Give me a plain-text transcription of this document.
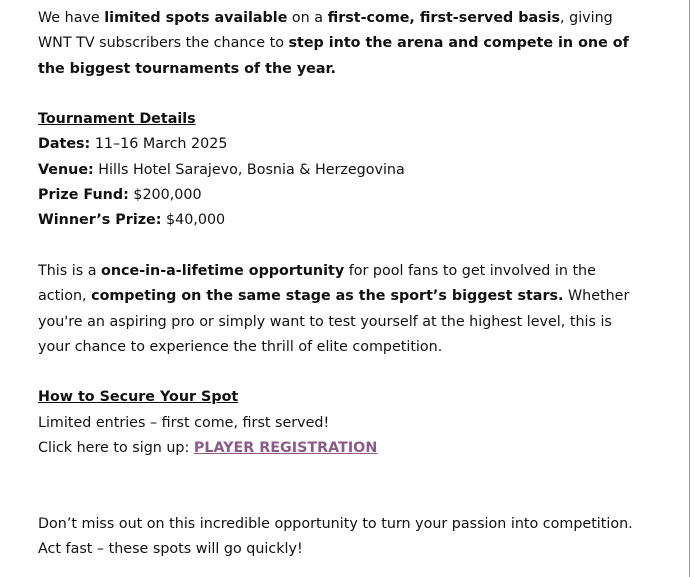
We have limited spots available on a first-come, first-served basis, giving WNT TV subscribers the chance to step into the arena and compete in one of the biggest tournaments of the year.

Tournament Details

Dates: 11–16 March 2025

Venue: Hills Hotel Sarajevo, Bosnia & Herzegovina

Prize Fund: $200,000

Winner’s Prize: $40,000

This is a once-in-a-lifetime opportunity for pool fans to get involved in the action, competing on the same stage as the sport’s biggest stars. Whether you're an aspiring pro or simply want to test yourself at the highest level, this is your chance to experience the thrill of elite competition.

How to Secure Your Spot

Limited entries – first come, first served!

Click here to sign up: PLAYER REGISTRATION

Don’t miss out on this incredible opportunity to turn your passion into competition. Act fast – these spots will go quickly!
